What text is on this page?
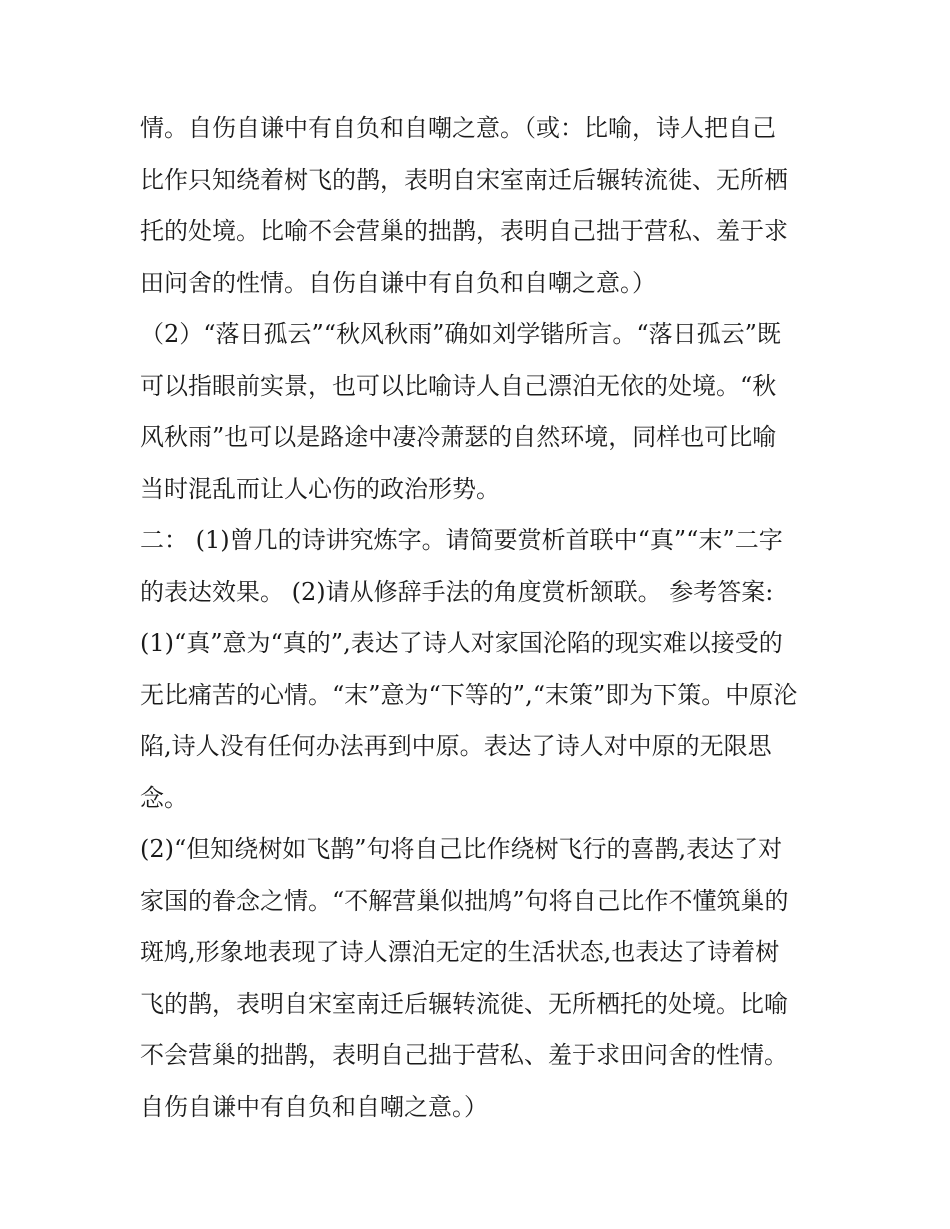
情。自伤自谦中有自负和自嘲之意。（或：比喻，诗人把自己
比作只知绕着树飞的鹊，表明自宋室南迁后辗转流徙、无所栖
托的处境。比喻不会营巢的拙鹊，表明自己拙于营私、羞于求
田问舍的性情。自伤自谦中有自负和自嘲之意。）
（2）“落日孤云”“秋风秋雨”确如刘学锴所言。“落日孤云”既
可以指眼前实景，也可以比喻诗人自己漂泊无依的处境。“秋
风秋雨”也可以是路途中凄冷萧瑟的自然环境，同样也可比喻
当时混乱而让人心伤的政治形势。
二： (1)曾几的诗讲究炼字。请简要赏析首联中“真”“末”二字
的表达效果。 (2)请从修辞手法的角度赏析颔联。 参考答案:
(1)“真”意为“真的”,表达了诗人对家国沦陷的现实难以接受的
无比痛苦的心情。“末”意为“下等的”,“末策”即为下策。中原沦
陷,诗人没有任何办法再到中原。表达了诗人对中原的无限思
念。
(2)“但知绕树如飞鹊”句将自己比作绕树飞行的喜鹊,表达了对
家国的眷念之情。“不解营巢似拙鸠”句将自己比作不懂筑巢的
斑鸠,形象地表现了诗人漂泊无定的生活状态,也表达了诗着树
飞的鹊，表明自宋室南迁后辗转流徙、无所栖托的处境。比喻
不会营巢的拙鹊，表明自己拙于营私、羞于求田问舍的性情。
自伤自谦中有自负和自嘲之意。）
